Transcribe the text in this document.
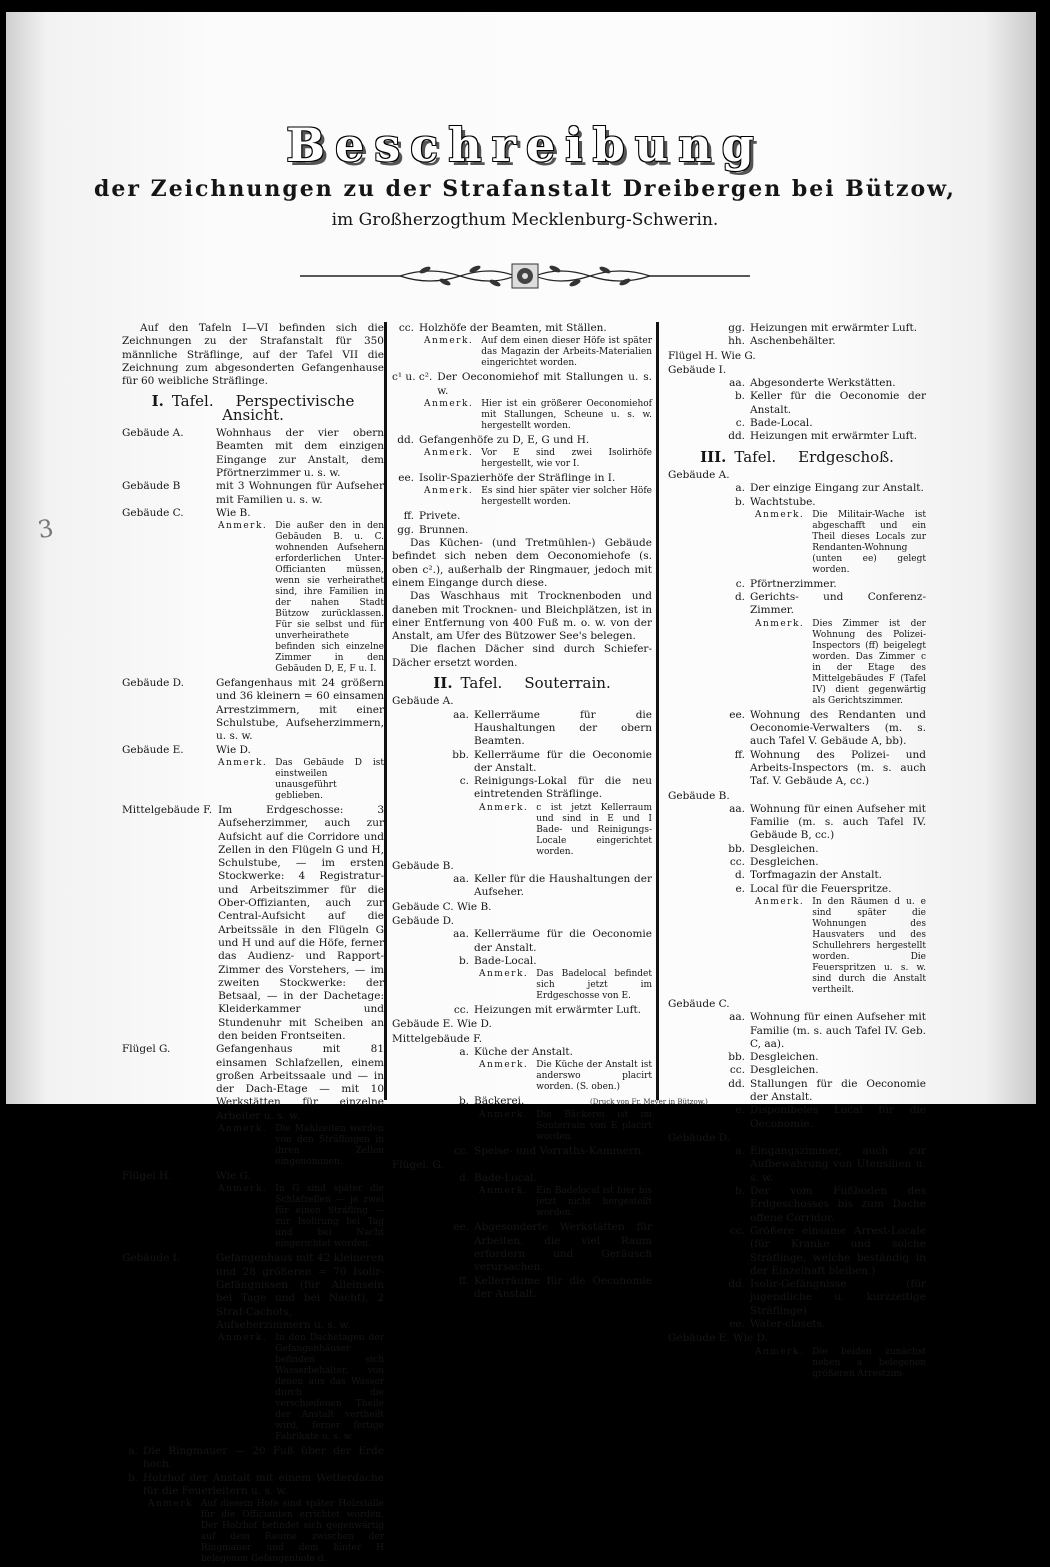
3
Beschreibung
der Zeichnungen zu der Strafanstalt Dreibergen bei Bützow,
im Großherzogthum Mecklenburg-Schwerin.

Auf den Tafeln I—VI befinden sich die Zeichnungen zu der Strafanstalt für 350 männliche Sträflinge, auf der Tafel VII die Zeichnung zum abgesonderten Gefangenhause für 60 weibliche Sträflinge.

I. Tafel. Perspectivische Ansicht.
Gebäude A.	Wohnhaus der vier obern Beamten mit dem einzigen Eingange zur Anstalt, dem Pförtnerzimmer u. s. w.
Gebäude B	mit 3 Wohnungen für Aufseher mit Familien u. s. w.
Gebäude C.	Wie B.
Anmerk. Die außer den in den Gebäuden B. u. C. wohnenden Aufsehern erforderlichen Unter-Officianten müssen, wenn sie verheirathet sind, ihre Familien in der nahen Stadt Bützow zurücklassen. Für sie selbst und für unverheirathete befinden sich einzelne Zimmer in den Gebäuden D, E, F u. I.
Gebäude D.	Gefangenhaus mit 24 größern und 36 kleinern = 60 einsamen Arrestzimmern, mit einer Schulstube, Aufseherzimmern, u. s. w.
Gebäude E.	Wie D.
Anmerk. Das Gebäude D ist einstweilen unausgeführt geblieben.
Mittelgebäude F. Im Erdgeschosse: 3 Aufseherzimmer, auch zur Aufsicht auf die Corridore und Zellen in den Flügeln G und H, Schulstube, — im ersten Stockwerke: 4 Registratur- und Arbeitszimmer für die Ober-Offizianten, auch zur Central-Aufsicht auf die Arbeitssäle in den Flügeln G und H und auf die Höfe, ferner das Audienz- und Rapport-Zimmer des Vorstehers, — im zweiten Stockwerke: der Betsaal, — in der Dachetage: Kleiderkammer und Stundenuhr mit Scheiben an den beiden Frontseiten.
Flügel G.	Gefangenhaus mit 81 einsamen Schlafzellen, einem großen Arbeitssaale und — in der Dach-Etage — mit 10 Werkstätten für einzelne Arbeiter u. s. w.
Anmerk. Die Mahlzeiten werden von den Sträflingen in ihren Zellen eingenommen.
Flügel H.	Wie G.
Anmerk. In G sind später die Schlafzellen — je zwei für einen Sträfling — zur Isolirung bei Tag und bei Nacht eingerichtet worden.
Gebäude I.	Gefangenhaus mit 42 kleineren und 28 größeren = 70 Isolir-Gefängnissen (für Alleinsein bei Tage und bei Nacht), 2 Straf-Cachots, Aufseherzimmern u. s. w.
Anmerk. In den Dachetagen der Gefangenhäuser befinden sich Wasserbehälter, von denen aus das Wasser durch die verschiedenen Theile der Anstalt vertheilt wird, ferner fertige Fabrikate u. s. w.
a. Die Ringmauer — 20 Fuß über der Erde hoch.
b. Holzhof der Anstalt mit einem Wetterdache für die Feuerleitern u. s. w.
Anmerk Auf diesem Hofe sind später Holzställe für die Officianten errichtet worden. Der Holzhof befindet sich gegenwärtig auf dem Raume zwischen der Ringmauer und dem hinter H belegenen Gefangenhofe d.
cc. Holzhöfe der Beamten, mit Ställen.
Anmerk. Auf dem einen dieser Höfe ist später das Magazin der Arbeits-Materialien eingerichtet worden.
c¹ u. c². Der Oeconomiehof mit Stallungen u. s. w.
Anmerk. Hier ist ein größerer Oeconomiehof mit Stallungen, Scheune u. s. w. hergestellt worden.
dd. Gefangenhöfe zu D, E, G und H.
Anmerk. Vor E sind zwei Isolirhöfe hergestellt, wie vor I.
ee. Isolir-Spazierhöfe der Sträflinge in I.
Anmerk. Es sind hier später vier solcher Höfe hergestellt worden.
ff. Privete.
gg. Brunnen.

Das Küchen- (und Tretmühlen-) Gebäude befindet sich neben dem Oeconomiehofe (s. oben c².), außerhalb der Ringmauer, jedoch mit einem Eingange durch diese.

Das Waschhaus mit Trocknenboden und daneben mit Trocknen- und Bleichplätzen, ist in einer Entfernung von 400 Fuß m. o. w. von der Anstalt, am Ufer des Bützower See's belegen.

Die flachen Dächer sind durch Schiefer-Dächer ersetzt worden.

II. Tafel. Souterrain.
Gebäude A.
aa. Kellerräume für die Haushaltungen der obern Beamten.
bb. Kellerräume für die Oeconomie der Anstalt.
c. Reinigungs-Lokal für die neu eintretenden Sträflinge.
Anmerk. c ist jetzt Kellerraum und sind in E und I Bade- und Reinigungs-Locale eingerichtet worden.
Gebäude B.
aa. Keller für die Haushaltungen der Aufseher.
Gebäude C. Wie B.
Gebäude D.
aa. Kellerräume für die Oeconomie der Anstalt.
b. Bade-Local.
Anmerk. Das Badelocal befindet sich jetzt im Erdgeschosse von E.
cc. Heizungen mit erwärmter Luft.
Gebäude E. Wie D.
Mittelgebäude F.
a. Küche der Anstalt.
Anmerk. Die Küche der Anstalt ist anderswo placirt worden. (S. oben.)
b. Bäckerei.
Anmerk. Die Bäckerei ist im Souterrain von E placirt worden.
cc. Speise- und Vorraths-Kammern.
Flügel. G.
d. Bade-Local.
Anmerk. Ein Badelocal ist hier bis jetzt nicht hergestellt worden.
ee. Abgesonderte Werkstätten für Arbeiten, die viel Raum erfordern und Geräusch verursachen.
ff. Kellerräume für die Oeconomie der Anstalt.
gg. Heizungen mit erwärmter Luft.
hh. Aschenbehälter.
Flügel H. Wie G.
Gebäude I.
aa. Abgesonderte Werkstätten.
b. Keller für die Oeconomie der Anstalt.
c. Bade-Local.
dd. Heizungen mit erwärmter Luft.
III. Tafel. Erdgeschoß.
Gebäude A.
a. Der einzige Eingang zur Anstalt.
b. Wachtstube.
Anmerk. Die Militair-Wache ist abgeschafft und ein Theil dieses Locals zur Rendanten-Wohnung (unten ee) gelegt worden.
c. Pförtnerzimmer.
d. Gerichts- und Conferenz-Zimmer.
Anmerk. Dies Zimmer ist der Wohnung des Polizei-Inspectors (ff) beigelegt worden. Das Zimmer c in der Etage des Mittelgebäudes F (Tafel IV) dient gegenwärtig als Gerichtszimmer.
ee. Wohnung des Rendanten und Oeconomie-Verwalters (m. s. auch Tafel V. Gebäude A, bb).
ff. Wohnung des Polizei- und Arbeits-Inspectors (m. s. auch Taf. V. Gebäude A, cc.)
Gebäude B.
aa. Wohnung für einen Aufseher mit Familie (m. s. auch Tafel IV. Gebäude B, cc.)
bb. Desgleichen.
cc. Desgleichen.
d. Torfmagazin der Anstalt.
e. Local für die Feuerspritze.
Anmerk. In den Räumen d u. e sind später die Wohnungen des Hausvaters und des Schullehrers hergestellt worden. Die Feuerspritzen u. s. w. sind durch die Anstalt vertheilt.
Gebäude C.
aa. Wohnung für einen Aufseher mit Familie (m. s. auch Tafel IV. Geb. C, aa).
bb. Desgleichen.
cc. Desgleichen.
dd. Stallungen für die Oeconomie der Anstalt.
e. Disponibeles Local für die Oeconomie.
Gebäude D.
a. Eingangszimmer, auch zur Aufbewahrung von Utensilien u. s. w.
b. Der vom Fußboden des Erdgeschosses bis zum Dache offene Corridor.
cc. Größere einsame Arrest-Locale (für Kranke und solche Sträflinge, welche beständig in der Einzelhaft bleiben.)
dd. Isolir-Gefängnisse (für jugendliche u. kurzzeitige Sträflinge)
ee. Water-closets.
Gebäude E. Wie D.
Anmerk. Die beiden zunächst neben a belegenen größeren Arrestzim-
(Druck von Fr. Meyer in Bützow.)
